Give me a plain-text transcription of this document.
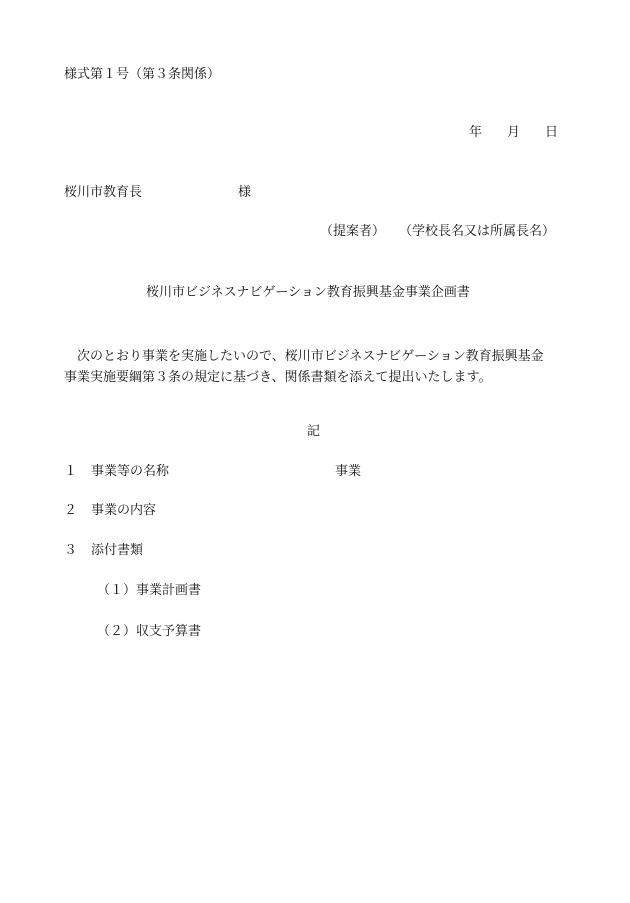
様式第１号（第３条関係）
年 月 日
桜川市教育長	様
（提案者） （学校長名又は所属長名）
桜川市ビジネスナビゲーション教育振興基金事業企画書
　次のとおり事業を実施したいので、桜川市ビジネスナビゲーション教育振興基金
事業実施要綱第３条の規定に基づき、関係書類を添えて提出いたします。
記
１ 事業等の名称	事業
２ 事業の内容
３ 添付書類
（１）事業計画書
（２）収支予算書
